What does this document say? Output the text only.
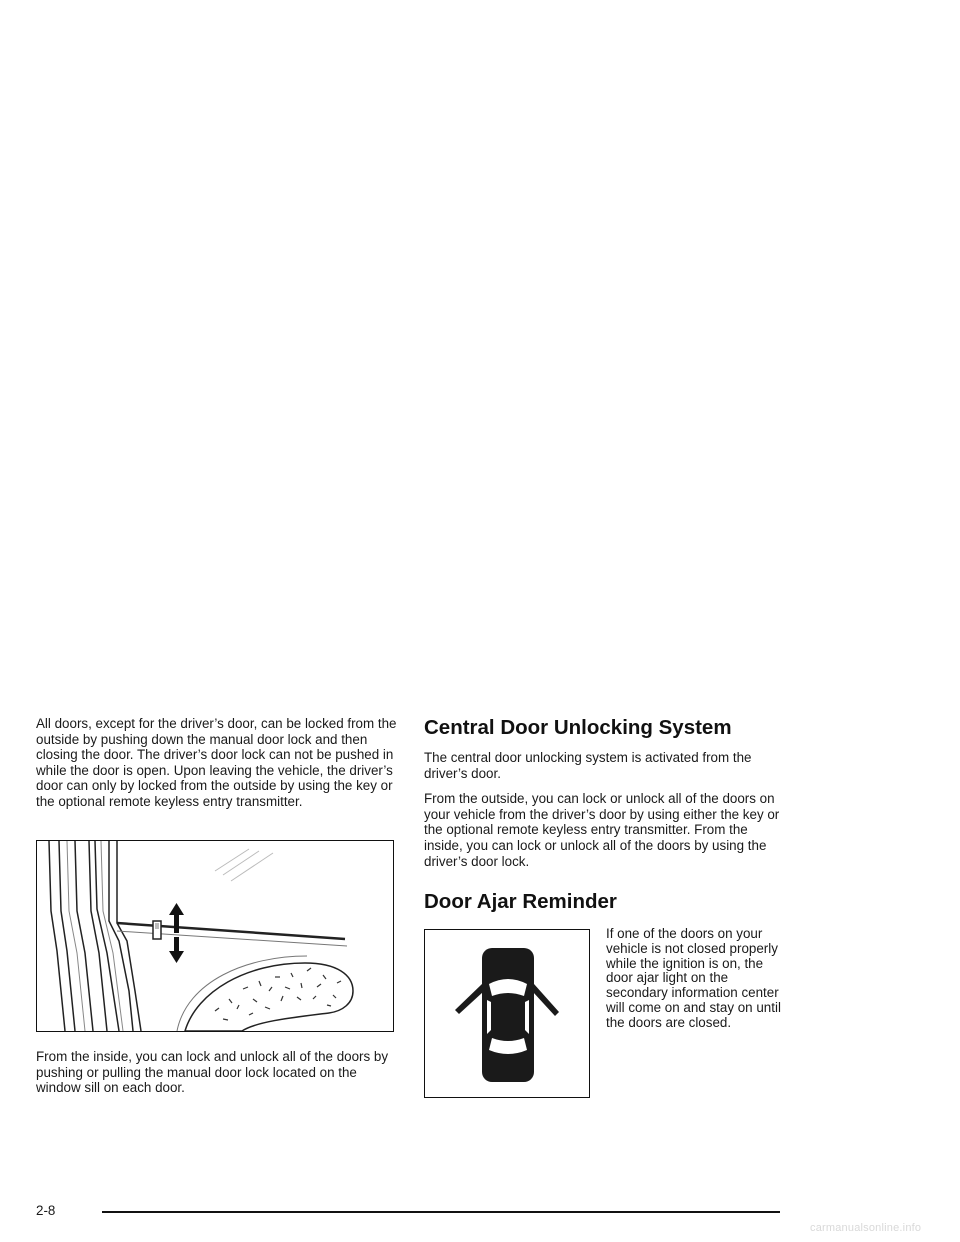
All doors, except for the driver’s door, can be locked from the outside by pushing down the manual door lock and then closing the door. The driver’s door lock can not be pushed in while the door is open. Upon leaving the vehicle, the driver’s door can only by locked from the outside by using the key or the optional remote keyless entry transmitter.

From the inside, you can lock and unlock all of the doors by pushing or pulling the manual door lock located on the window sill on each door.

Central Door Unlocking System

The central door unlocking system is activated from the driver’s door.

From the outside, you can lock or unlock all of the doors on your vehicle from the driver’s door by using either the key or the optional remote keyless entry transmitter. From the inside, you can lock or unlock all of the doors by using the driver’s door lock.

Door Ajar Reminder

If one of the doors on your vehicle is not closed properly while the ignition is on, the door ajar light on the secondary information center will come on and stay on until the doors are closed.

2-8
carmanualsonline.info
